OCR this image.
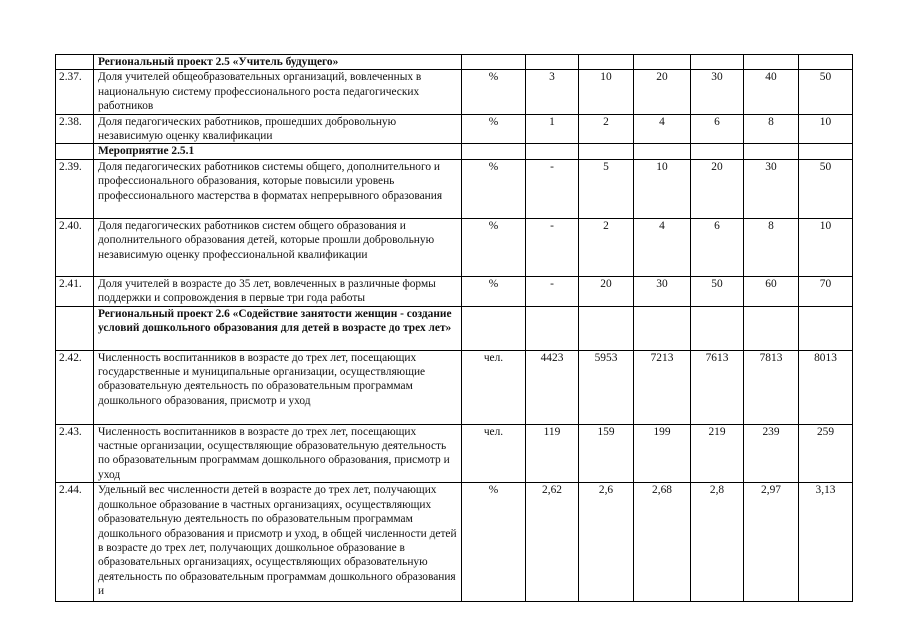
	Региональный проект 2.5 «Учитель будущего»							
2.37.	Доля учителей общеобразовательных организаций, вовлеченных в национальную систему профессионального роста педагогических работников	%	3	10	20	30	40	50
2.38.	Доля педагогических работников, прошедших добровольную независимую оценку квалификации	%	1	2	4	6	8	10
	Мероприятие 2.5.1							
2.39.	Доля педагогических работников системы общего, дополнительного и профессионального образования, которые повысили уровень профессионального мастерства в форматах непрерывного образования	%	-	5	10	20	30	50
2.40.	Доля педагогических работников систем общего образования и дополнительного образования детей, которые прошли добровольную независимую оценку профессиональной квалификации	%	-	2	4	6	8	10
2.41.	Доля учителей в возрасте до 35 лет, вовлеченных в различные формы поддержки и сопровождения в первые три года работы	%	-	20	30	50	60	70
	Региональный проект 2.6 «Содействие занятости женщин - создание условий дошкольного образования для детей в возрасте до трех лет»							
2.42.	Численность воспитанников в возрасте до трех лет, посещающих государственные и муниципальные организации, осуществляющие образовательную деятельность по образовательным программам дошкольного образования, присмотр и уход	чел.	4423	5953	7213	7613	7813	8013
2.43.	Численность воспитанников в возрасте до трех лет, посещающих частные организации, осуществляющие образовательную деятельность по образовательным программам дошкольного образования, присмотр и уход	чел.	119	159	199	219	239	259
2.44.	Удельный вес численности детей в возрасте до трех лет, получающих дошкольное образование в частных организациях, осуществляющих образовательную деятельность по образовательным программам дошкольного образования и присмотр и уход, в общей численности детей в возрасте до трех лет, получающих дошкольное образование в образовательных организациях, осуществляющих образовательную деятельность по образовательным программам дошкольного образования и	%	2,62	2,6	2,68	2,8	2,97	3,13
